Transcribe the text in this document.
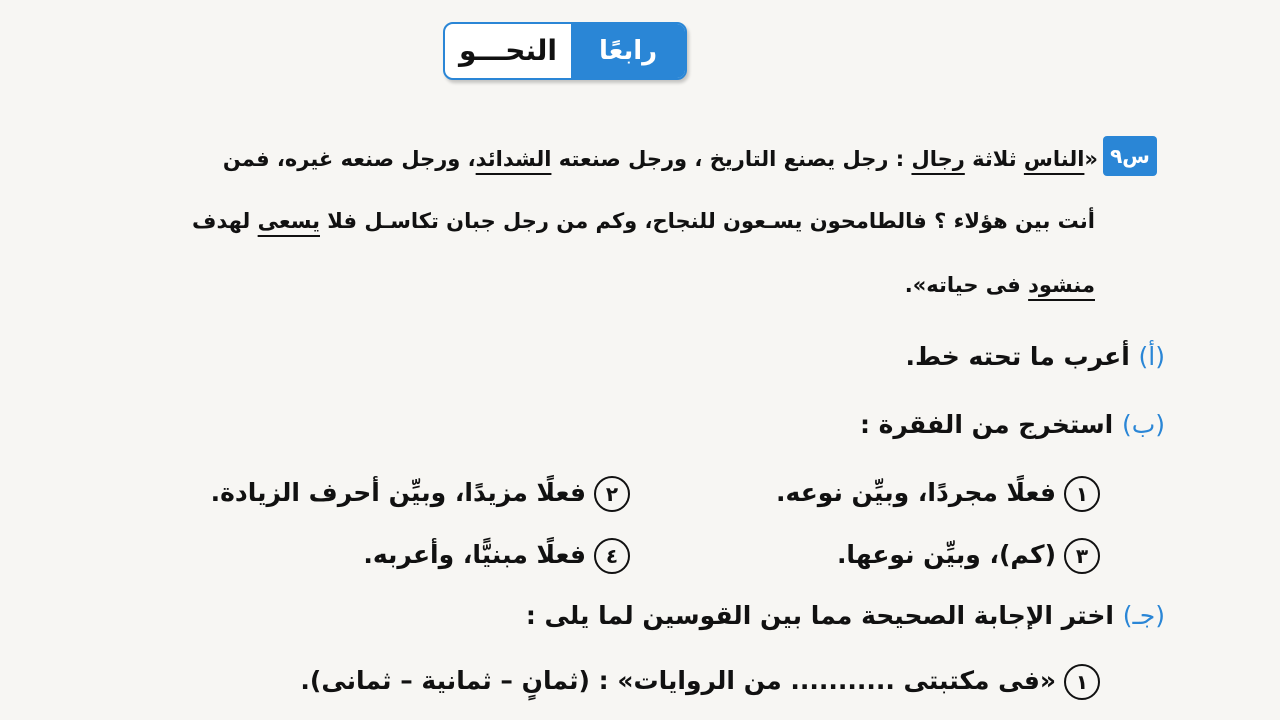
النحـــو	رابعًا
س٩
«الناس ثلاثة رجال : رجل يصنع التاريخ ، ورجل صنعته الشدائد، ورجل صنعه غيره، فمن
أنت بين هؤلاء ؟ فالطامحون يسـعون للنجاح، وكم من رجل جبان تكاسـل فلا يسعى لهدف
منشود فى حياته».
(أ) أعرب ما تحته خط.
(ب) استخرج من الفقرة :
١فعلًا مجردًا، وبيِّن نوعه.
٢فعلًا مزيدًا، وبيِّن أحرف الزيادة.
٣(كم)، وبيِّن نوعها.
٤فعلًا مبنيًّا، وأعربه.
(جـ) اختر الإجابة الصحيحة مما بين القوسين لما يلى :
١«فى مكتبتى ........... من الروايات» : (ثمانٍ – ثمانية – ثمانى).
